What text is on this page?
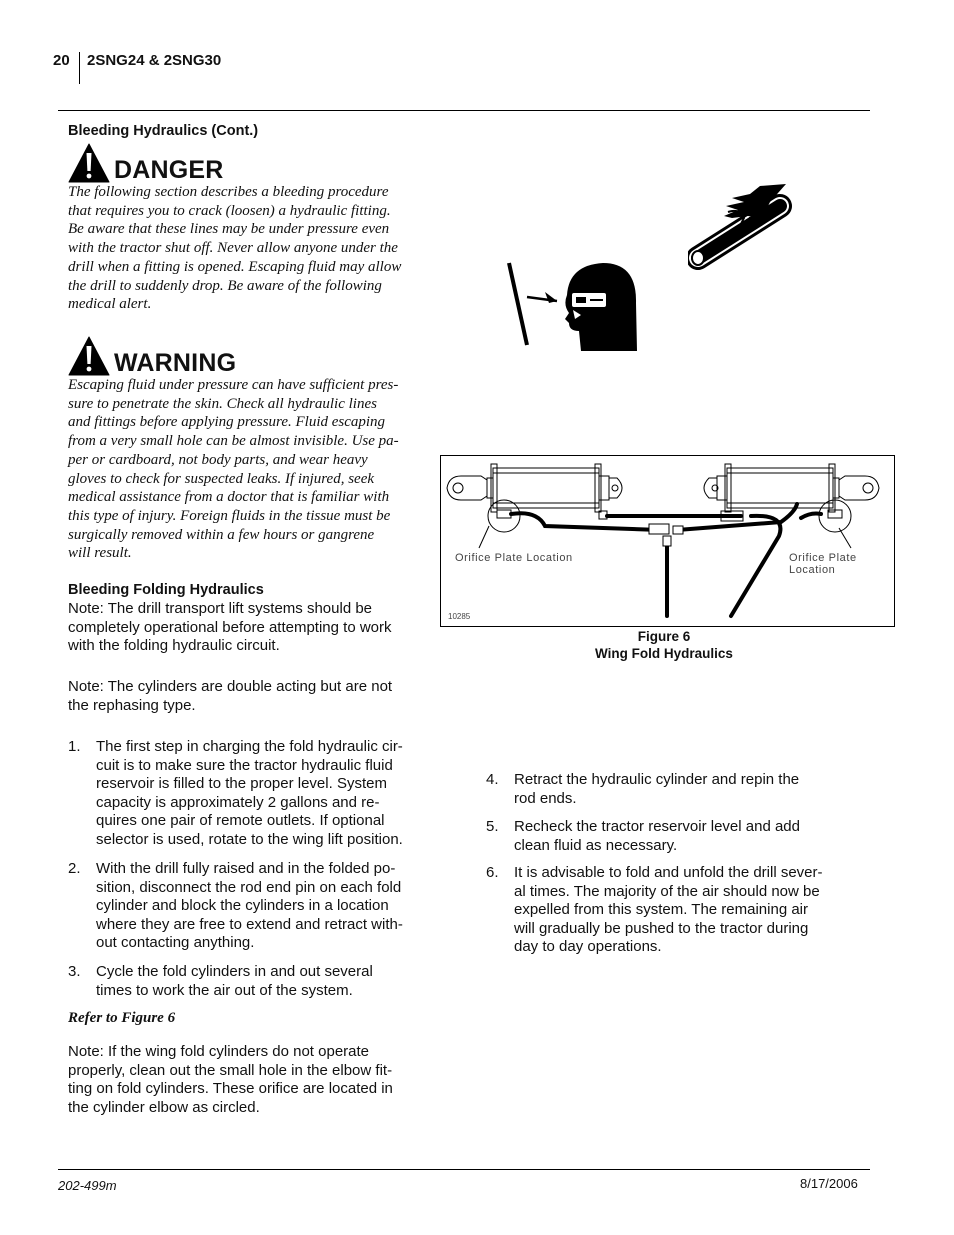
20 2SNG24 & 2SNG30
Bleeding Hydraulics (Cont.)
DANGER
The following section describes a bleeding procedure
that requires you to crack (loosen) a hydraulic fitting.
Be aware that these lines may be under pressure even
with the tractor shut off. Never allow anyone under the
drill when a fitting is opened. Escaping fluid may allow
the drill to suddenly drop. Be aware of the following
medical alert.
WARNING
Escaping fluid under pressure can have sufficient pres-
sure to penetrate the skin. Check all hydraulic lines
and fittings before applying pressure. Fluid escaping
from a very small hole can be almost invisible. Use pa-
per or cardboard, not body parts, and wear heavy
gloves to check for suspected leaks. If injured, seek
medical assistance from a doctor that is familiar with
this type of injury. Foreign fluids in the tissue must be
surgically removed within a few hours or gangrene
will result.
Bleeding Folding Hydraulics
Note: The drill transport lift systems should be
completely operational before attempting to work
with the folding hydraulic circuit.
Note: The cylinders are double acting but are not
the rephasing type.
1. The first step in charging the fold hydraulic cir-
cuit is to make sure the tractor hydraulic fluid
reservoir is filled to the proper level. System
capacity is approximately 2 gallons and re-
quires one pair of remote outlets. If optional
selector is used, rotate to the wing lift position.
2. With the drill fully raised and in the folded po-
sition, disconnect the rod end pin on each fold
cylinder and block the cylinders in a location
where they are free to extend and retract with-
out contacting anything.
3. Cycle the fold cylinders in and out several
times to work the air out of the system.
Refer to Figure 6
Note: If the wing fold cylinders do not operate
properly, clean out the small hole in the elbow fit-
ting on fold cylinders. These orifice are located in
the cylinder elbow as circled.
Orifice Plate Location	Orifice Plate Location
10285
Figure 6
Wing Fold Hydraulics
4. Retract the hydraulic cylinder and repin the
rod ends.
5. Recheck the tractor reservoir level and add
clean fluid as necessary.
6. It is advisable to fold and unfold the drill sever-
al times. The majority of the air should now be
expelled from this system. The remaining air
will gradually be pushed to the tractor during
day to day operations.
202-499m	8/17/2006
